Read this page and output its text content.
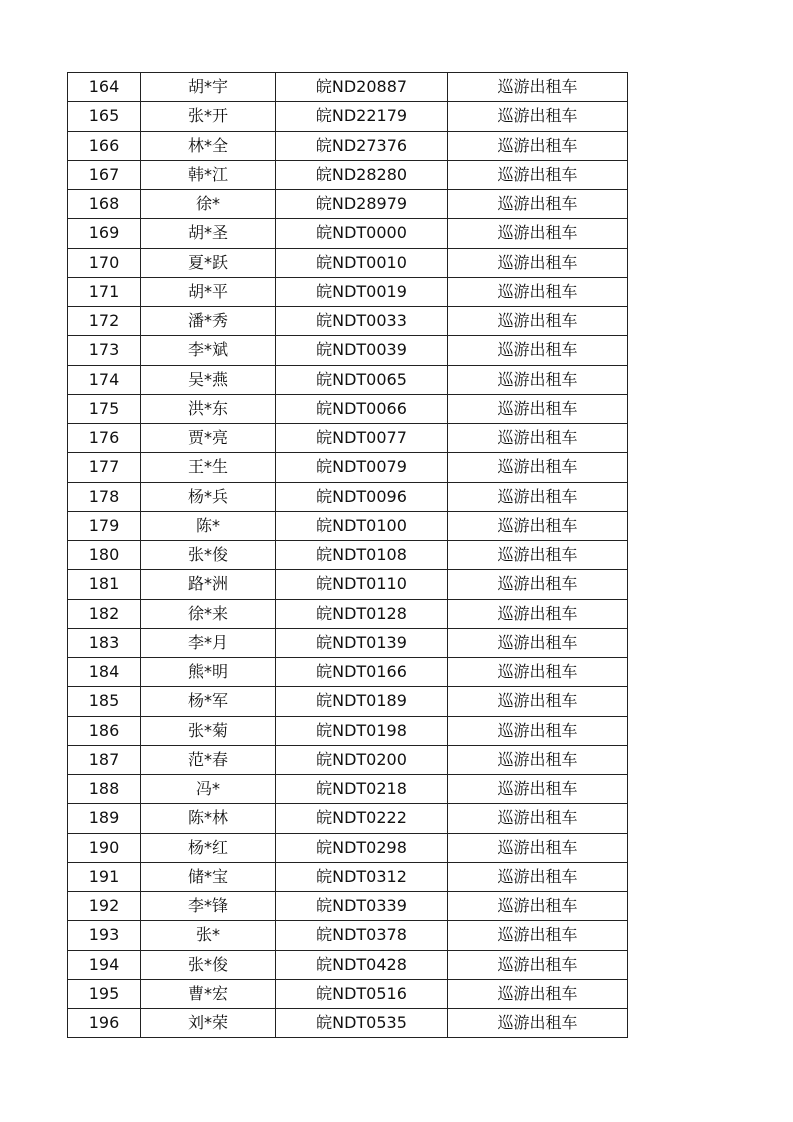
164	胡*宇	皖ND20887	巡游出租车
165	张*开	皖ND22179	巡游出租车
166	林*全	皖ND27376	巡游出租车
167	韩*江	皖ND28280	巡游出租车
168	徐*	皖ND28979	巡游出租车
169	胡*圣	皖NDT0000	巡游出租车
170	夏*跃	皖NDT0010	巡游出租车
171	胡*平	皖NDT0019	巡游出租车
172	潘*秀	皖NDT0033	巡游出租车
173	李*斌	皖NDT0039	巡游出租车
174	吴*燕	皖NDT0065	巡游出租车
175	洪*东	皖NDT0066	巡游出租车
176	贾*亮	皖NDT0077	巡游出租车
177	王*生	皖NDT0079	巡游出租车
178	杨*兵	皖NDT0096	巡游出租车
179	陈*	皖NDT0100	巡游出租车
180	张*俊	皖NDT0108	巡游出租车
181	路*洲	皖NDT0110	巡游出租车
182	徐*来	皖NDT0128	巡游出租车
183	李*月	皖NDT0139	巡游出租车
184	熊*明	皖NDT0166	巡游出租车
185	杨*军	皖NDT0189	巡游出租车
186	张*菊	皖NDT0198	巡游出租车
187	范*春	皖NDT0200	巡游出租车
188	冯*	皖NDT0218	巡游出租车
189	陈*林	皖NDT0222	巡游出租车
190	杨*红	皖NDT0298	巡游出租车
191	储*宝	皖NDT0312	巡游出租车
192	李*锋	皖NDT0339	巡游出租车
193	张*	皖NDT0378	巡游出租车
194	张*俊	皖NDT0428	巡游出租车
195	曹*宏	皖NDT0516	巡游出租车
196	刘*荣	皖NDT0535	巡游出租车
